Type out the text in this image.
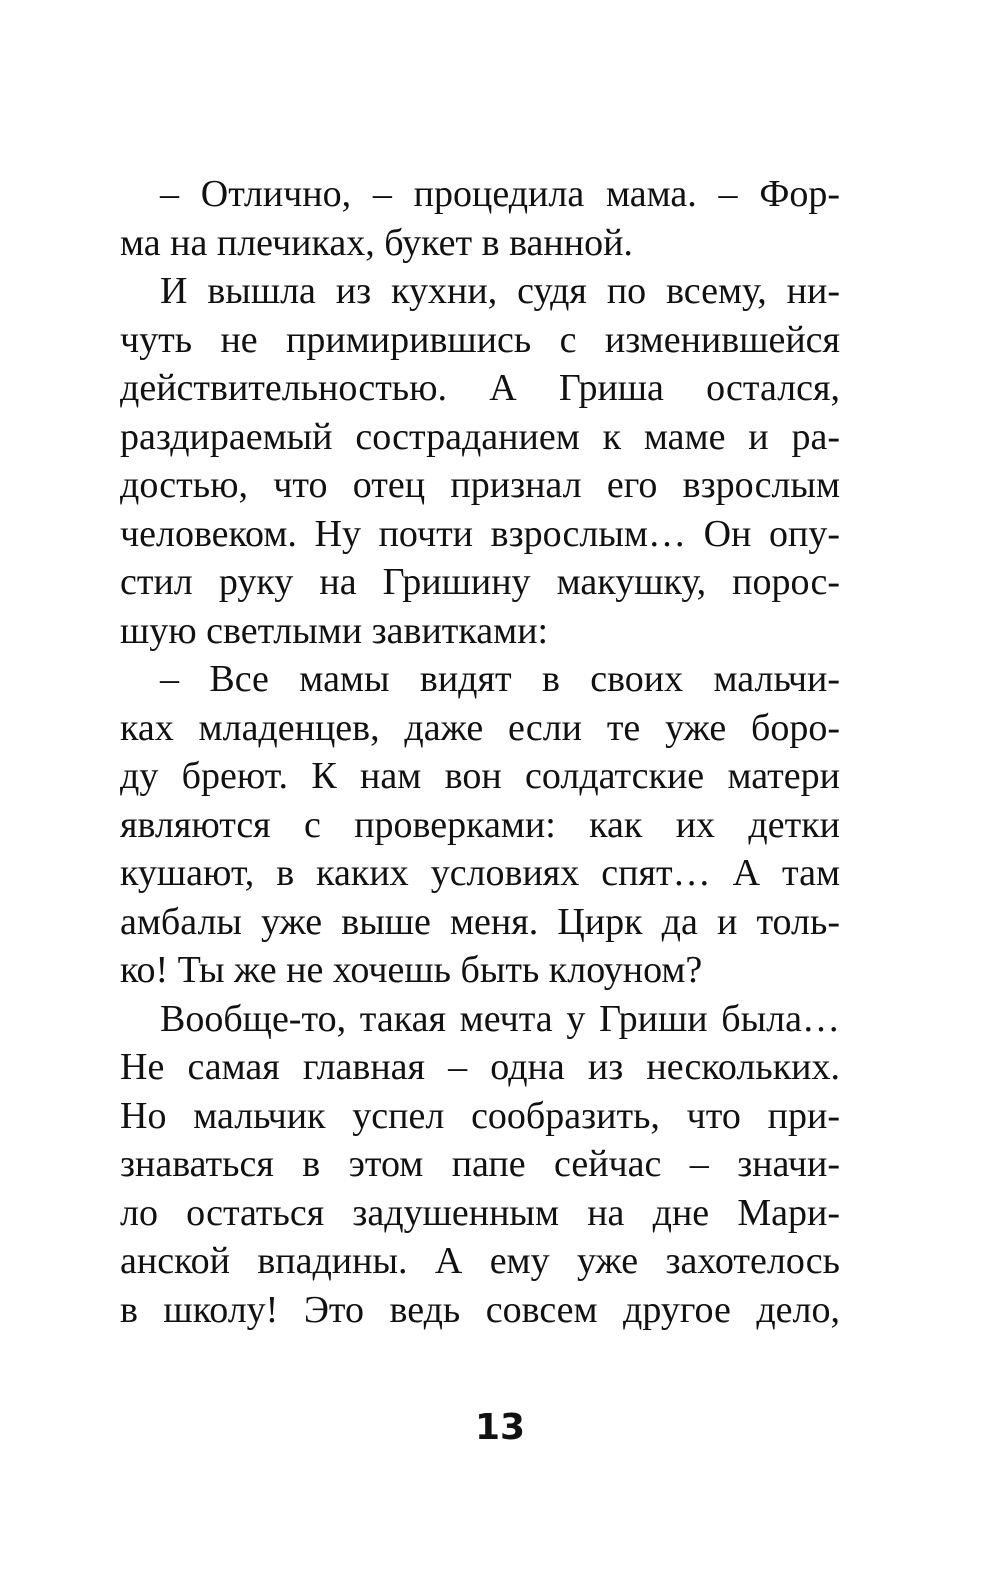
– Отлично, – процедила мама. – Фор-
ма на плечиках, букет в ванной.
И вышла из кухни, судя по всему, ни-
чуть не примирившись с изменившейся
действительностью. А Гриша остался,
раздираемый состраданием к маме и ра-
достью, что отец признал его взрослым
человеком. Ну почти взрослым… Он опу-
стил руку на Гришину макушку, порос-
шую светлыми завитками:
– Все мамы видят в своих мальчи-
ках младенцев, даже если те уже боро-
ду бреют. К нам вон солдатские матери
являются с проверками: как их детки
кушают, в каких условиях спят… А там
амбалы уже выше меня. Цирк да и толь-
ко! Ты же не хочешь быть клоуном?
Вообще-то, такая мечта у Гриши была…
Не самая главная – одна из нескольких.
Но мальчик успел сообразить, что при-
знаваться в этом папе сейчас – значи-
ло остаться задушенным на дне Мари-
анской впадины. А ему уже захотелось
в школу! Это ведь совсем другое дело,
13
